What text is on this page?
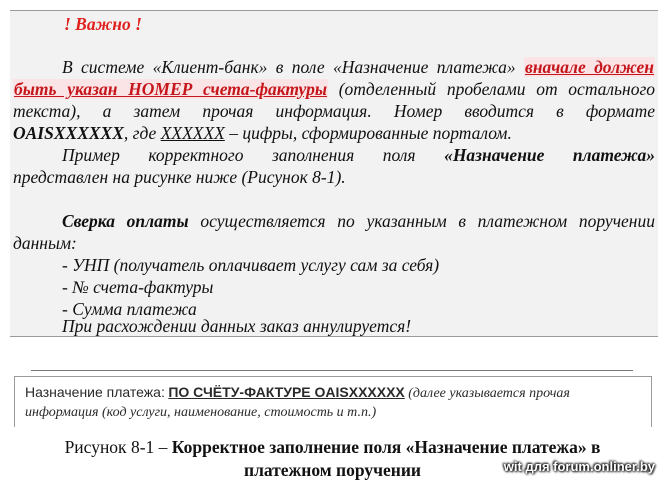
! Важно !
В системе «Клиент-банк» в поле «Назначение платежа» вначале должен
быть указан НОМЕР счета-фактуры (отделенный пробелами от остального
текста), а затем прочая информация. Номер вводится в формате
OAISXXXXXX, где XXXXXX – цифры, сформированные порталом.
Пример корректного заполнения поля «Назначение платежа»
представлен на рисунке ниже (Рисунок 8-1).
Сверка оплаты осуществляется по указанным в платежном поручении
данным:
- УНП (получатель оплачивает услугу сам за себя)
- № счета-фактуры
- Сумма платежа
При расхождении данных заказ аннулируется!
Назначение платежа: ПО СЧЁТУ-ФАКТУРЕ OAISXXXXXX (далее указывается прочая
информация (код услуги, наименование, стоимость и т.п.)
Рисунок 8-1 – Корректное заполнение поля «Назначение платежа» в
платежном поручении	wit для forum.onliner.by
